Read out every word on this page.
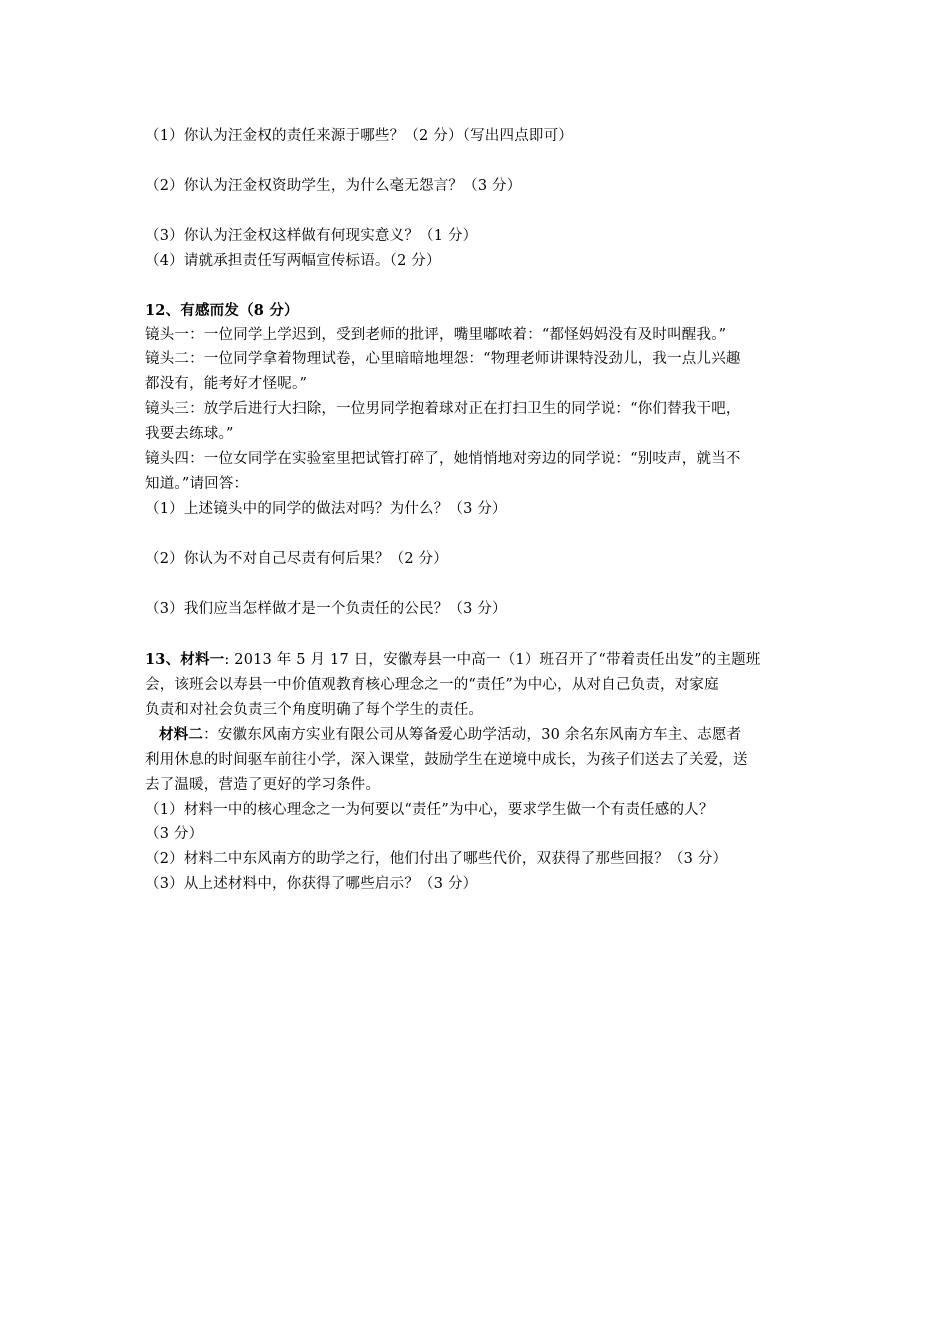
（1）你认为汪金权的责任来源于哪些？（2 分）（写出四点即可）
（2）你认为汪金权资助学生，为什么毫无怨言？（3 分）
（3）你认为汪金权这样做有何现实意义？（1 分）
（4）请就承担责任写两幅宣传标语。（2 分）
12、有感而发（8 分）
镜头一：一位同学上学迟到，受到老师的批评，嘴里嘟哝着：“都怪妈妈没有及时叫醒我。”
镜头二：一位同学拿着物理试卷，心里暗暗地埋怨：“物理老师讲课特没劲儿，我一点儿兴趣
都没有，能考好才怪呢。”
镜头三：放学后进行大扫除，一位男同学抱着球对正在打扫卫生的同学说：“你们替我干吧，
我要去练球。”
镜头四：一位女同学在实验室里把试管打碎了，她悄悄地对旁边的同学说：“别吱声，就当不
知道。”请回答：
（1）上述镜头中的同学的做法对吗？为什么？（3 分）
（2）你认为不对自己尽责有何后果？（2 分）
（3）我们应当怎样做才是一个负责任的公民？（3 分）
13、材料一: 2013 年 5 月 17 日，安徽寿县一中高一（1）班召开了“带着责任出发”的主题班
会，该班会以寿县一中价值观教育核心理念之一的“责任”为中心，从对自己负责，对家庭
负责和对社会负责三个角度明确了每个学生的责任。
材料二：安徽东风南方实业有限公司从筹备爱心助学活动，30 余名东风南方车主、志愿者
利用休息的时间驱车前往小学，深入课堂，鼓励学生在逆境中成长，为孩子们送去了关爱，送
去了温暖，营造了更好的学习条件。
（1）材料一中的核心理念之一为何要以“责任”为中心，要求学生做一个有责任感的人？
（3 分）
（2）材料二中东风南方的助学之行，他们付出了哪些代价，双获得了那些回报？（3 分）
（3）从上述材料中，你获得了哪些启示？（3 分）
